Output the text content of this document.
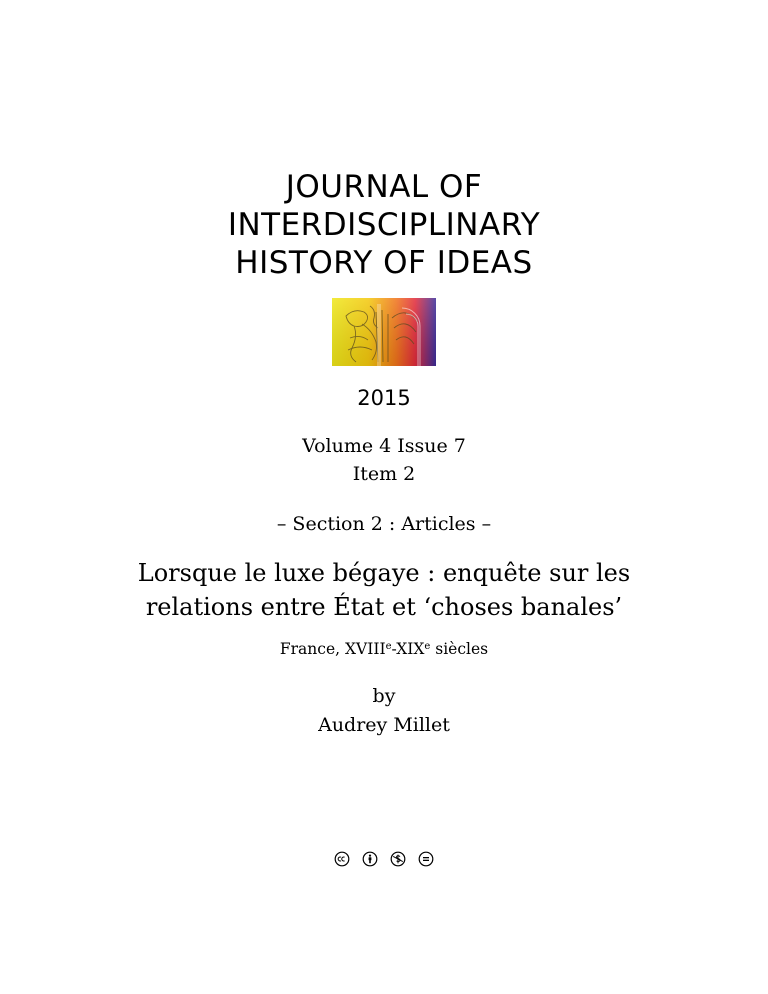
JOURNAL OF
INTERDISCIPLINARY
HISTORY OF IDEAS
2015
Volume 4 Issue 7
Item 2
– Section 2 : Articles –
Lorsque le luxe bégaye : enquête sur les
relations entre État et ‘choses banales’
France, XVIIIe-XIXe siècles
by
Audrey Millet
